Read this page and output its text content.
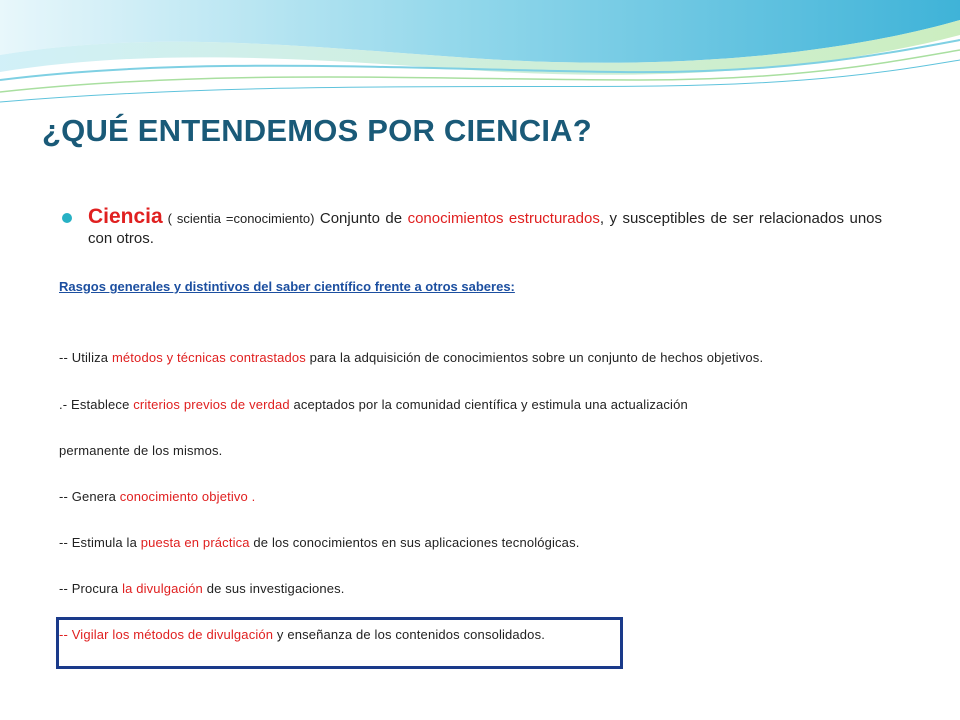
¿QUÉ ENTENDEMOS POR CIENCIA?
Ciencia ( scientia =conocimiento) Conjunto de conocimientos estructurados, y susceptibles de ser relacionados unos con otros.
Rasgos generales y distintivos del saber científico frente a otros saberes:
-- Utiliza métodos y técnicas contrastados para la adquisición de conocimientos sobre un conjunto de hechos objetivos.
.- Establece criterios previos de verdad aceptados por la comunidad científica y estimula una actualización
permanente de los mismos.
-- Genera conocimiento objetivo .
-- Estimula la puesta en práctica de los conocimientos en sus aplicaciones tecnológicas.
-- Procura la divulgación de sus investigaciones.
-- Vigilar los métodos de divulgación y enseñanza de los contenidos consolidados.
